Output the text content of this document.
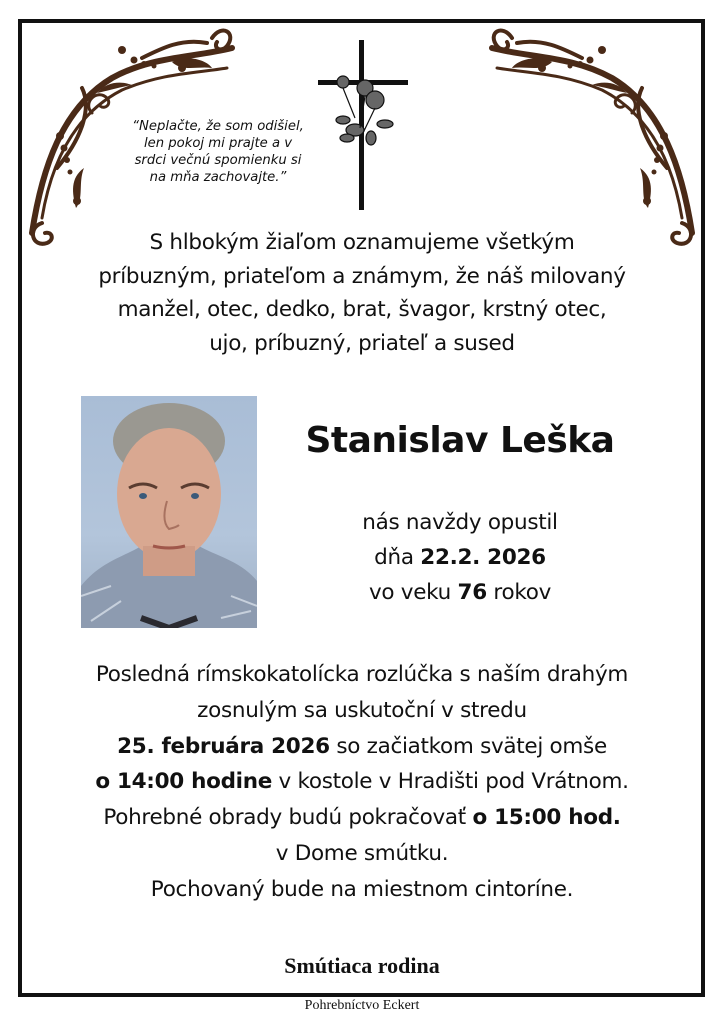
“Neplačte, že som odišiel,
len pokoj mi prajte a v
srdci večnú spomienku si
na mňa zachovajte.”
S hlbokým žiaľom oznamujeme všetkým
príbuzným, priateľom a známym, že náš milovaný
manžel, otec, dedko, brat, švagor, krstný otec,
ujo, príbuzný, priateľ a sused
Stanislav Leška
nás navždy opustil
dňa 22.2. 2026
vo veku 76 rokov
Posledná rímskokatolícka rozlúčka s naším drahým
zosnulým sa uskutoční v stredu
25. februára 2026 so začiatkom svätej omše
o 14:00 hodine v kostole v Hradišti pod Vrátnom.
Pohrebné obrady budú pokračovať o 15:00 hod.
v Dome smútku.
Pochovaný bude na miestnom cintoríne.
Smútiaca rodina
Pohrebníctvo Eckert
